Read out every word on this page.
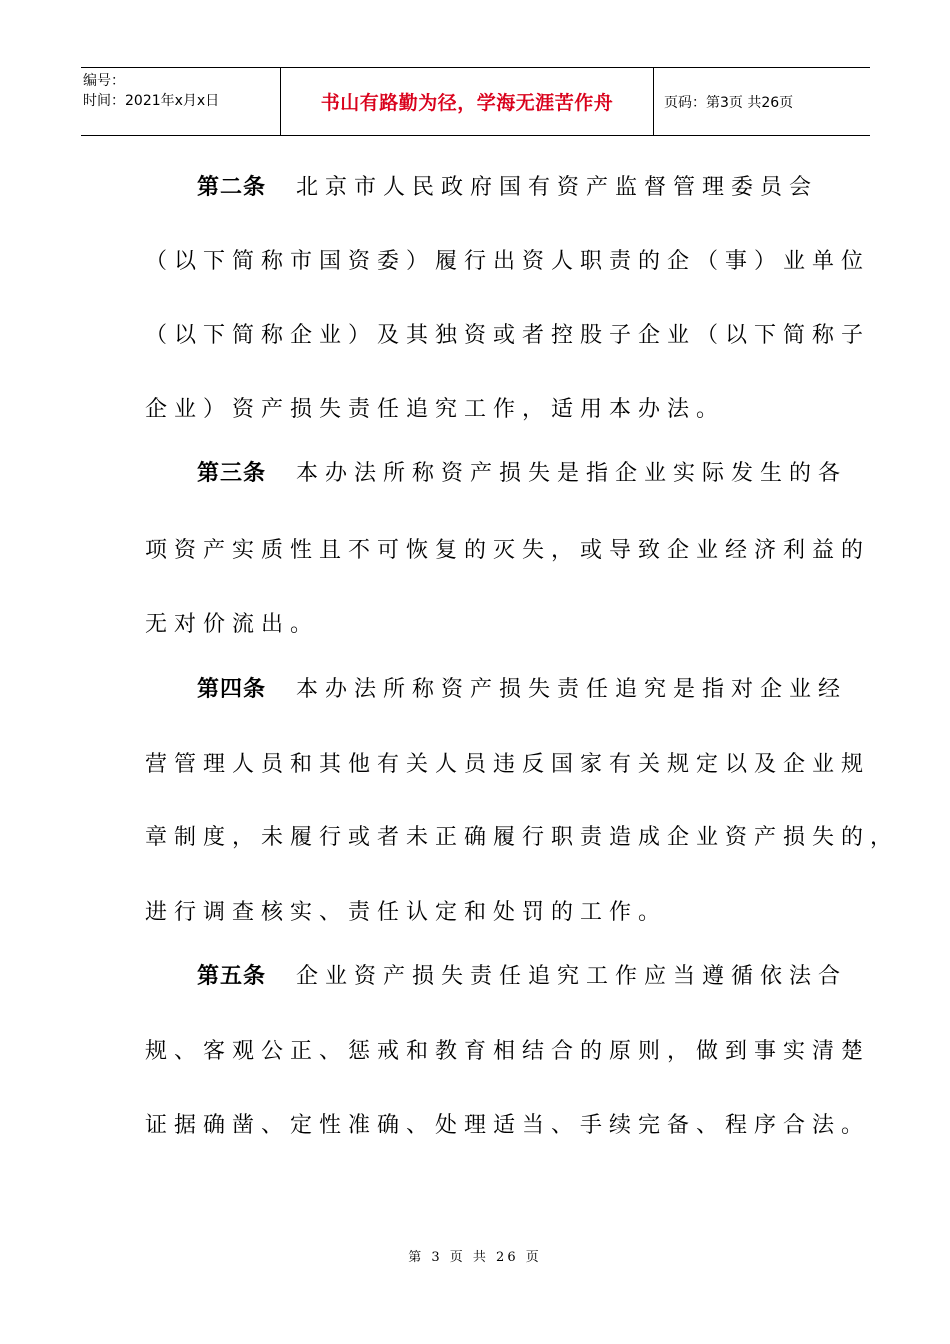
编号：
时间：2021年x月x日	书山有路勤为径，学海无涯苦作舟	页码：第3页 共26页
第二条 北京市人民政府国有资产监督管理委员会
（以下简称市国资委）履行出资人职责的企（事）业单位
（以下简称企业）及其独资或者控股子企业（以下简称子
企业）资产损失责任追究工作，适用本办法。
第三条 本办法所称资产损失是指企业实际发生的各
项资产实质性且不可恢复的灭失，或导致企业经济利益的
无对价流出。
第四条 本办法所称资产损失责任追究是指对企业经
营管理人员和其他有关人员违反国家有关规定以及企业规
章制度，未履行或者未正确履行职责造成企业资产损失的，
进行调查核实、责任认定和处罚的工作。
第五条 企业资产损失责任追究工作应当遵循依法合
规、客观公正、惩戒和教育相结合的原则，做到事实清楚
证据确凿、定性准确、处理适当、手续完备、程序合法。
第 3 页 共 26 页
